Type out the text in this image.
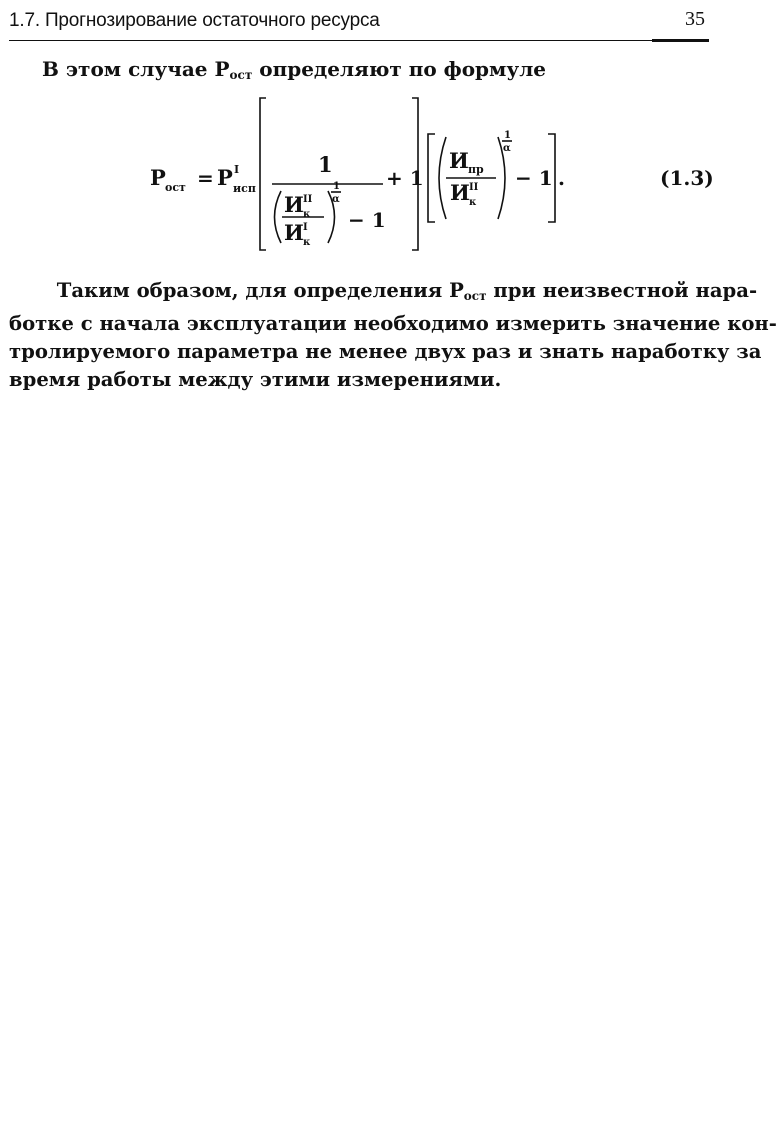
1.7. Прогнозирование остаточного ресурса	35
В этом случае $Р_{ост}$ определяют по формуле
Р ост = Р I
исп
1
+ 1
И II
к
И I
к
1
α
− 1
И пр
И II
к
1
α
− 1 .	(1.3)
Таким образом, для определения $Р_{ост}$ при неизвестной нара-
ботке с начала эксплуатации необходимо измерить значение кон-
тролируемого параметра не менее двух раз и знать наработку за
время работы между этими измерениями.
